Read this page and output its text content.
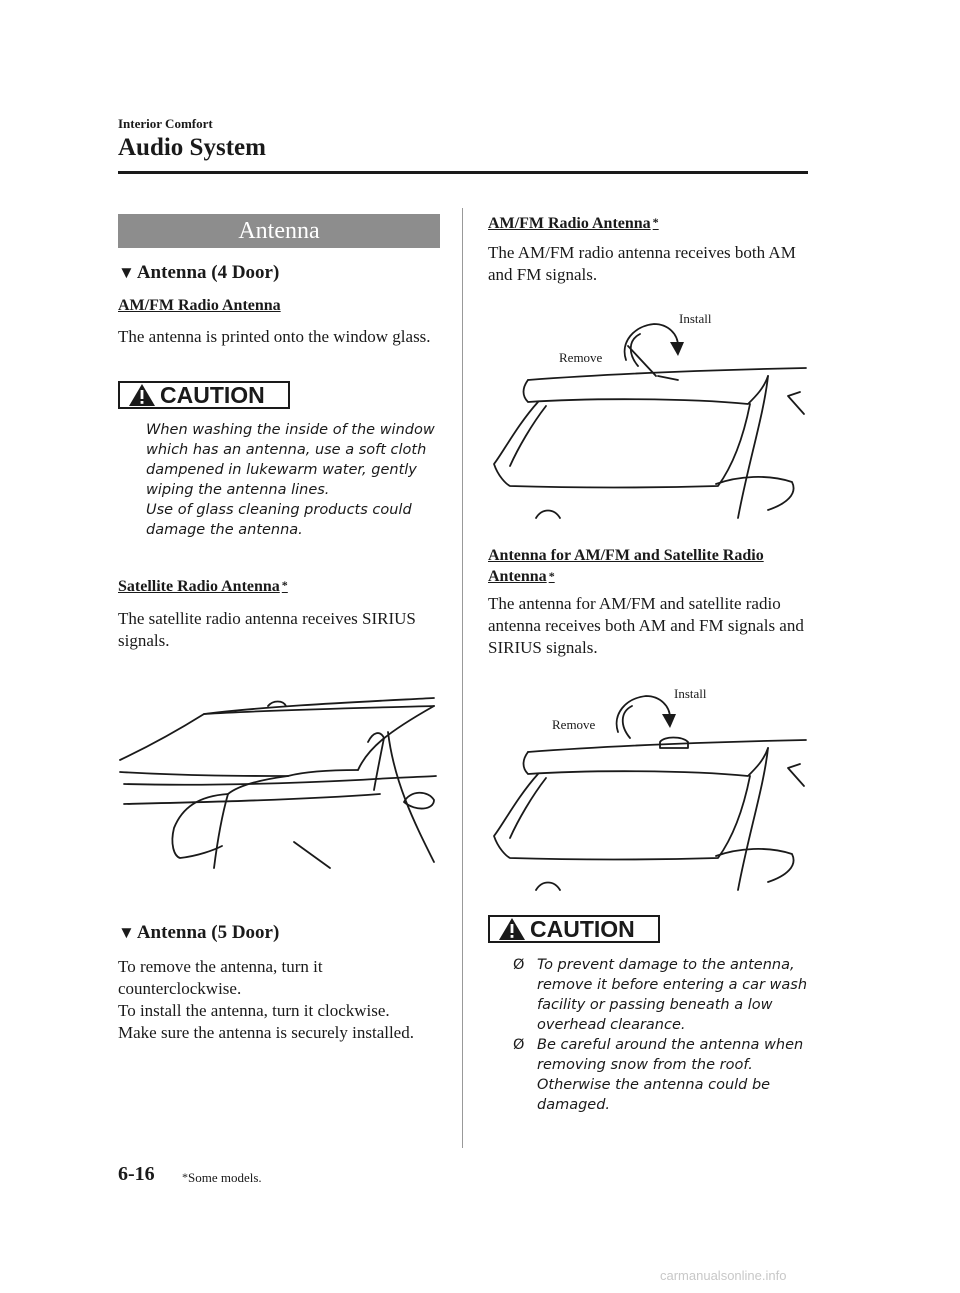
Interior Comfort
Audio System
Antenna
▼ Antenna (4 Door)
AM/FM Radio Antenna
The antenna is printed onto the window glass.
CAUTION
When washing the inside of the window which has an antenna, use a soft cloth dampened in lukewarm water, gently wiping the antenna lines.
Use of glass cleaning products could damage the antenna.
Satellite Radio Antenna *
The satellite radio antenna receives SIRIUS signals.
▼ Antenna (5 Door)
To remove the antenna, turn it counterclockwise.
To install the antenna, turn it clockwise.
Make sure the antenna is securely installed.
AM/FM Radio Antenna *
The AM/FM radio antenna receives both AM and FM signals.
Install
Remove
Antenna for AM/FM and Satellite Radio Antenna *
The antenna for AM/FM and satellite radio antenna receives both AM and FM signals and SIRIUS signals.
Install
Remove
CAUTION
Ø To prevent damage to the antenna, remove it before entering a car wash facility or passing beneath a low overhead clearance.
Ø Be careful around the antenna when removing snow from the roof. Otherwise the antenna could be damaged.
6-16 *Some models.
carmanualsonline.info
